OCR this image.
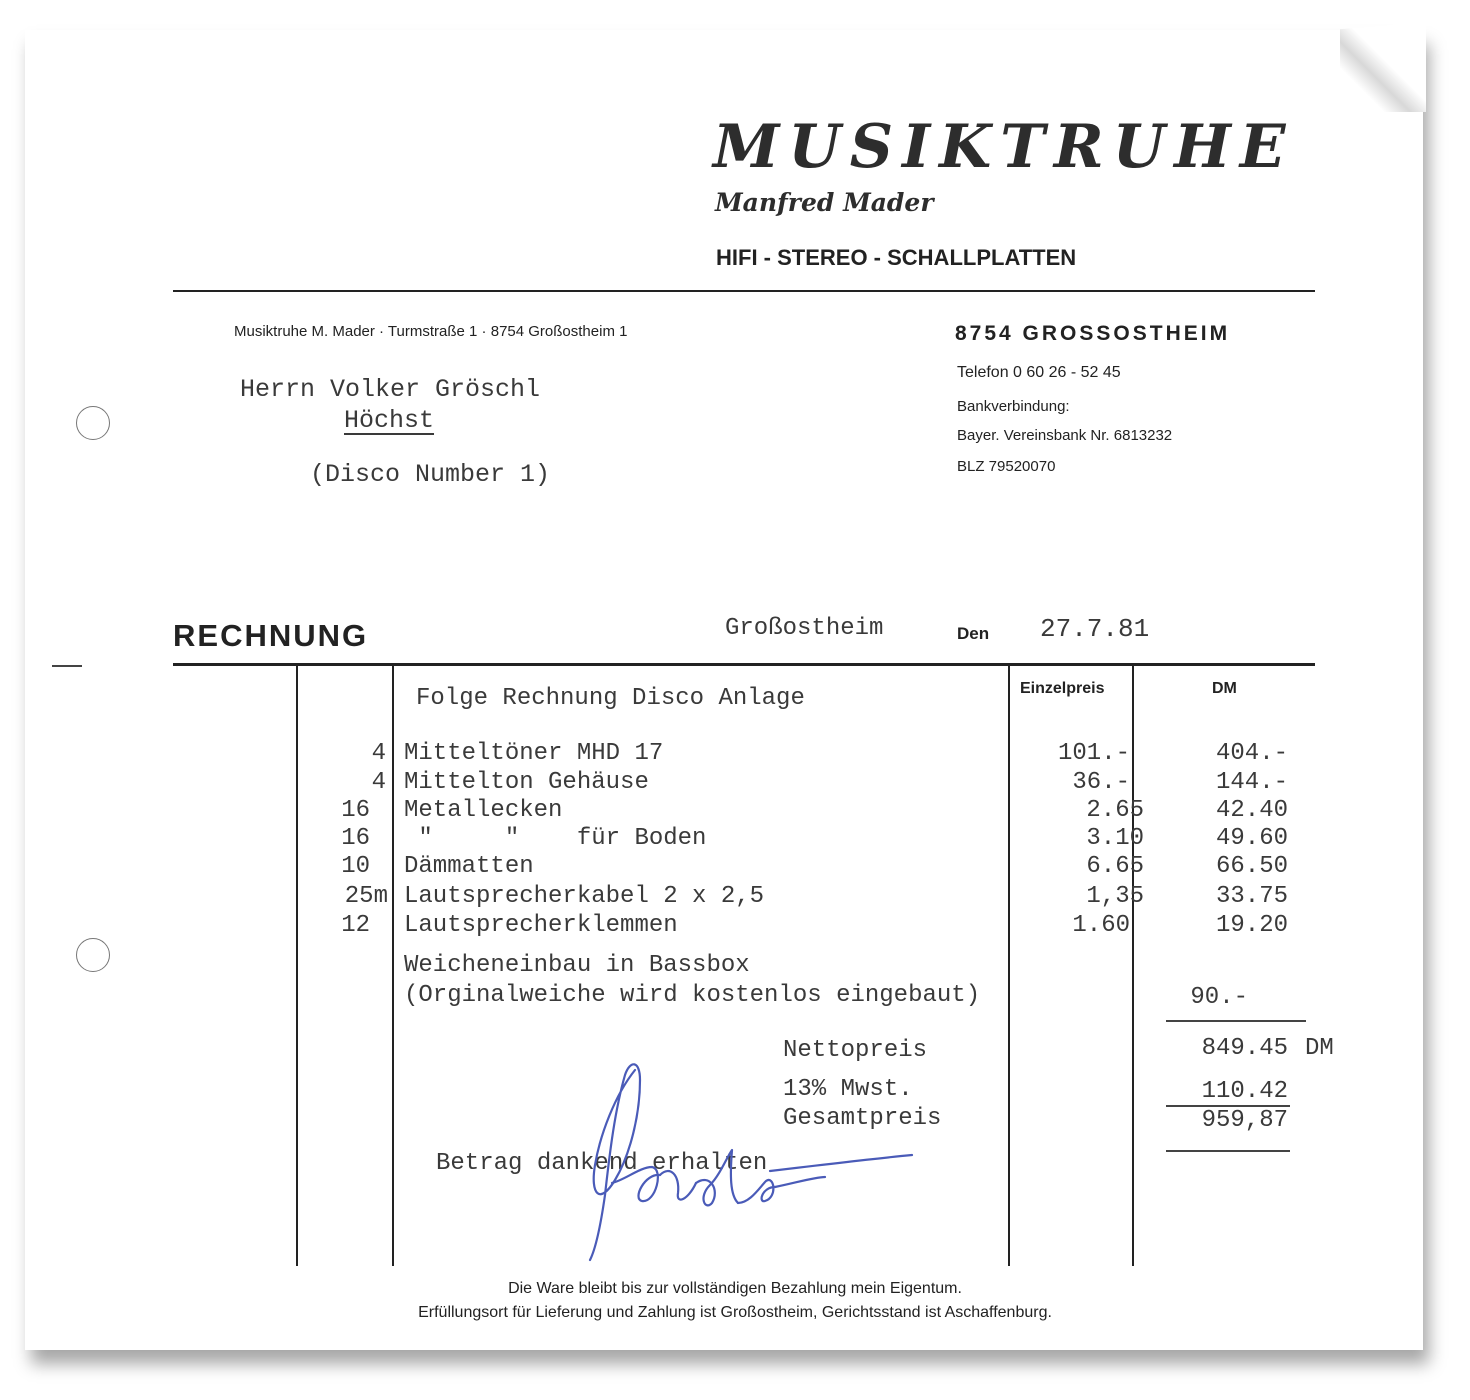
MUSIKTRUHE
Manfred Mader
HIFI - STEREO - SCHALLPLATTEN
Musiktruhe M. Mader · Turmstraße 1 · 8754 Großostheim 1	8754 GROSSOSTHEIM
Telefon 0 60 26 - 52 45
Bankverbindung:
Bayer. Vereinsbank Nr. 6813232
BLZ 79520070
Herrn Volker Gröschl
Höchst
(Disco Number 1)
RECHNUNG	Großostheim	Den 27.7.81
Einzelpreis	DM
Folge Rechnung Disco Anlage
4 Mitteltöner MHD 17	101.-	404.-
4 Mittelton Gehäuse	36.-	144.-
16 Metallecken	2.65	42.40
16 "     "    für Boden	3.10	49.60
10 Dämmatten	6.65	66.50
25m Lautsprecherkabel 2 x 2,5	1,35	33.75
12 Lautsprecherklemmen	1.60	19.20
Weicheneinbau in Bassbox
(Orginalweiche wird kostenlos eingebaut)	90.-
Nettopreis	849.45 DM
13% Mwst.	110.42
Gesamtpreis	959,87
Betrag dankend erhalten
Die Ware bleibt bis zur vollständigen Bezahlung mein Eigentum.
Erfüllungsort für Lieferung und Zahlung ist Großostheim, Gerichtsstand ist Aschaffenburg.
